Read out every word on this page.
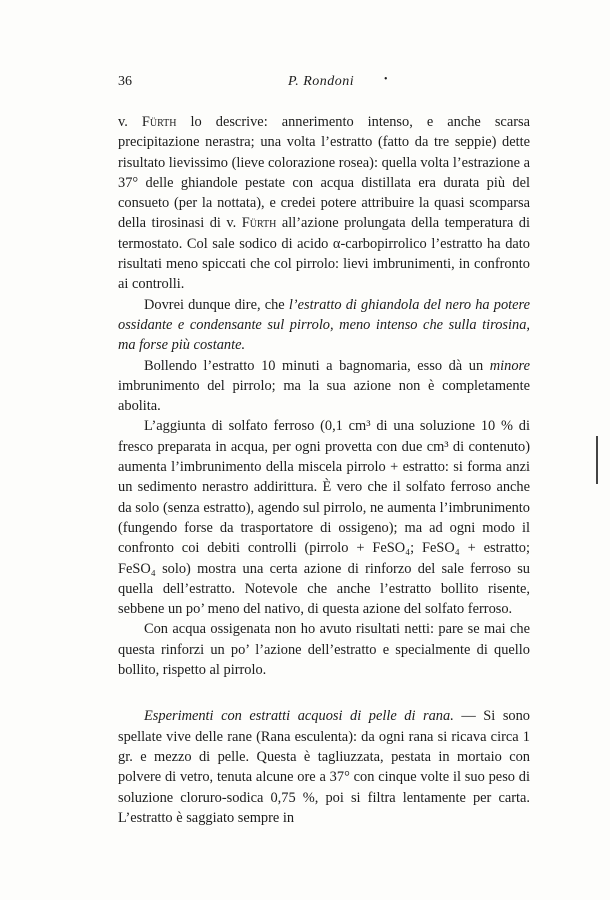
36	P. Rondoni	•

v. Fürth lo descrive: annerimento intenso, e anche scarsa precipitazione nerastra; una volta l’estratto (fatto da tre seppie) dette risultato lievissimo (lieve colorazione rosea): quella volta l’estrazione a 37° delle ghiandole pestate con acqua distillata era durata più del consueto (per la nottata), e credei potere attribuire la quasi scomparsa della tirosinasi di v. Fürth all’azione prolungata della temperatura di termostato. Col sale sodico di acido α-carbopirrolico l’estratto ha dato risultati meno spiccati che col pirrolo: lievi imbrunimenti, in confronto ai controlli.

Dovrei dunque dire, che l’estratto di ghiandola del nero ha potere ossidante e condensante sul pirrolo, meno intenso che sulla tirosina, ma forse più costante.

Bollendo l’estratto 10 minuti a bagnomaria, esso dà un minore imbrunimento del pirrolo; ma la sua azione non è completamente abolita.

L’aggiunta di solfato ferroso (0,1 cm³ di una soluzione 10 % di fresco preparata in acqua, per ogni provetta con due cm³ di contenuto) aumenta l’imbrunimento della miscela pirrolo + estratto: si forma anzi un sedimento nerastro addirittura. È vero che il solfato ferroso anche da solo (senza estratto), agendo sul pirrolo, ne aumenta l’imbrunimento (fungendo forse da trasportatore di ossigeno); ma ad ogni modo il confronto coi debiti controlli (pirrolo + FeSO₄; FeSO₄ + estratto; FeSO₄ solo) mostra una certa azione di rinforzo del sale ferroso su quella dell’estratto. Notevole che anche l’estratto bollito risente, sebbene un po’ meno del nativo, di questa azione del solfato ferroso.

Con acqua ossigenata non ho avuto risultati netti: pare se mai che questa rinforzi un po’ l’azione dell’estratto e specialmente di quello bollito, rispetto al pirrolo.

Esperimenti con estratti acquosi di pelle di rana. — Si sono spellate vive delle rane (Rana esculenta): da ogni rana si ricava circa 1 gr. e mezzo di pelle. Questa è tagliuzzata, pestata in mortaio con polvere di vetro, tenuta alcune ore a 37° con cinque volte il suo peso di soluzione cloruro-sodica 0,75 %, poi si filtra lentamente per carta. L’estratto è saggiato sempre in
